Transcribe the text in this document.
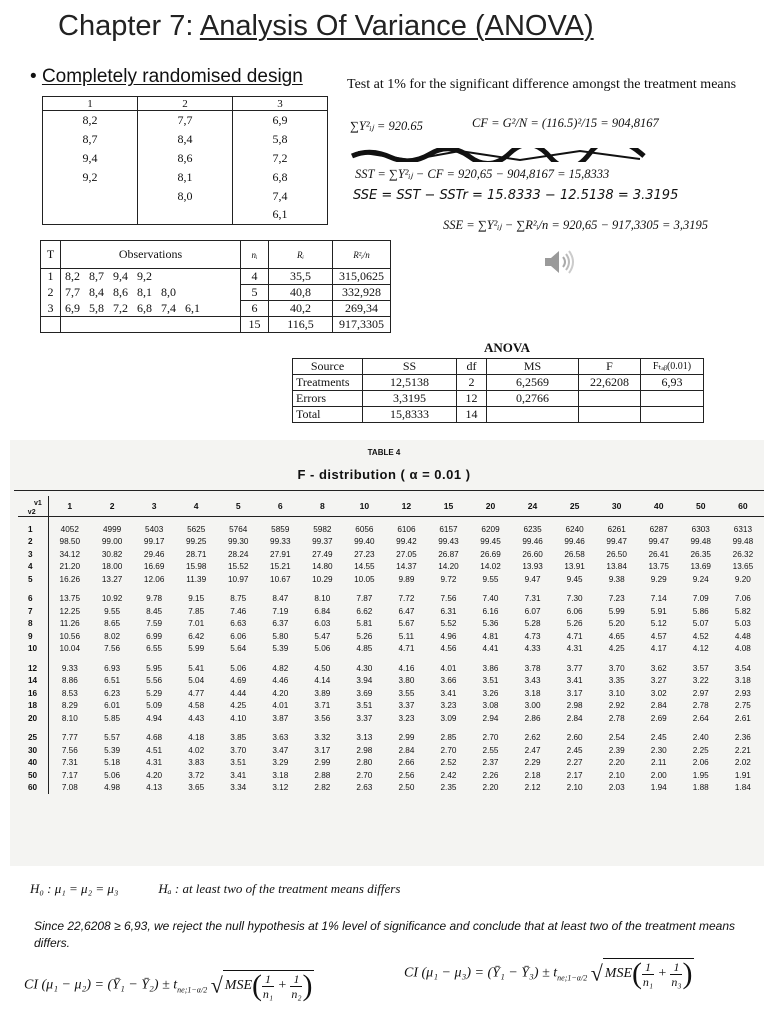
Chapter 7: Analysis Of Variance (ANOVA)
• Completely randomised design	Test at 1% for the significant difference amongst the treatment means
1	2	3
8,2	7,7	6,9
8,7	8,4	5,8
9,4	8,6	7,2
9,2	8,1	6,8
	8,0	7,4
		6,1
∑Y²ᵢⱼ = 920.65	CF = G²/N = (116.5)²/15 = 904,8167
SST = ∑Y²ᵢⱼ − CF = 920,65 − 904,8167 = 15,8333
SSE = SST − SSTr = 15.8333 − 12.5138 = 3.3195
SSE = ∑Y²ᵢⱼ − ∑R²ᵢ/n = 920,65 − 917,3305 = 3,3195
T	Observations	nᵢ	Rᵢ	R²ᵢ/n
1	8,2 8,7 9,4 9,2	4	35,5	315,0625
2	7,7 8,4 8,6 8,1 8,0	5	40,8	332,928
3	6,9 5,8 7,2 6,8 7,4 6,1	6	40,2	269,34
		15	116,5	917,3305
ANOVA
Source	SS	df	MS	F	Fₜₐᵦ(0.01)
Treatments	12,5138	2	6,2569	22,6208	6,93
Errors	3,3195	12	0,2766		
Total	15,8333	14			
TABLE 4
F - distribution ( α = 0.01 )
$^{v1}_{v2}$	1	2	3	4	5	6	8	10	12	15	20	24	25	30	40	50	60

1	4052	4999	5403	5625	5764	5859	5982	6056	6106	6157	6209	6235	6240	6261	6287	6303	6313
2	98.50	99.00	99.17	99.25	99.30	99.33	99.37	99.40	99.42	99.43	99.45	99.46	99.46	99.47	99.47	99.48	99.48
3	34.12	30.82	29.46	28.71	28.24	27.91	27.49	27.23	27.05	26.87	26.69	26.60	26.58	26.50	26.41	26.35	26.32
4	21.20	18.00	16.69	15.98	15.52	15.21	14.80	14.55	14.37	14.20	14.02	13.93	13.91	13.84	13.75	13.69	13.65
5	16.26	13.27	12.06	11.39	10.97	10.67	10.29	10.05	9.89	9.72	9.55	9.47	9.45	9.38	9.29	9.24	9.20

6	13.75	10.92	9.78	9.15	8.75	8.47	8.10	7.87	7.72	7.56	7.40	7.31	7.30	7.23	7.14	7.09	7.06
7	12.25	9.55	8.45	7.85	7.46	7.19	6.84	6.62	6.47	6.31	6.16	6.07	6.06	5.99	5.91	5.86	5.82
8	11.26	8.65	7.59	7.01	6.63	6.37	6.03	5.81	5.67	5.52	5.36	5.28	5.26	5.20	5.12	5.07	5.03
9	10.56	8.02	6.99	6.42	6.06	5.80	5.47	5.26	5.11	4.96	4.81	4.73	4.71	4.65	4.57	4.52	4.48
10	10.04	7.56	6.55	5.99	5.64	5.39	5.06	4.85	4.71	4.56	4.41	4.33	4.31	4.25	4.17	4.12	4.08

12	9.33	6.93	5.95	5.41	5.06	4.82	4.50	4.30	4.16	4.01	3.86	3.78	3.77	3.70	3.62	3.57	3.54
14	8.86	6.51	5.56	5.04	4.69	4.46	4.14	3.94	3.80	3.66	3.51	3.43	3.41	3.35	3.27	3.22	3.18
16	8.53	6.23	5.29	4.77	4.44	4.20	3.89	3.69	3.55	3.41	3.26	3.18	3.17	3.10	3.02	2.97	2.93
18	8.29	6.01	5.09	4.58	4.25	4.01	3.71	3.51	3.37	3.23	3.08	3.00	2.98	2.92	2.84	2.78	2.75
20	8.10	5.85	4.94	4.43	4.10	3.87	3.56	3.37	3.23	3.09	2.94	2.86	2.84	2.78	2.69	2.64	2.61

25	7.77	5.57	4.68	4.18	3.85	3.63	3.32	3.13	2.99	2.85	2.70	2.62	2.60	2.54	2.45	2.40	2.36
30	7.56	5.39	4.51	4.02	3.70	3.47	3.17	2.98	2.84	2.70	2.55	2.47	2.45	2.39	2.30	2.25	2.21
40	7.31	5.18	4.31	3.83	3.51	3.29	2.99	2.80	2.66	2.52	2.37	2.29	2.27	2.20	2.11	2.06	2.02
50	7.17	5.06	4.20	3.72	3.41	3.18	2.88	2.70	2.56	2.42	2.26	2.18	2.17	2.10	2.00	1.95	1.91
60	7.08	4.98	4.13	3.65	3.34	3.12	2.82	2.63	2.50	2.35	2.20	2.12	2.10	2.03	1.94	1.88	1.84
H₀ : μ₁ = μ₂ = μ₃	Hₐ : at least two of the treatment means differs
Since 22,6208 ≥ 6,93, we reject the null hypothesis at 1% level of significance and conclude that at least two of the treatment means differs.
CI (μ₁ − μ₂) = (Ȳ₁ − Ȳ₂) ± $t_{ne;1-\alpha/2}$ √ $MSE( \frac{1}{\text{n₁}} + \frac{1}{\text{n₂}}$ )	CI (μ₁ − μ₃) = (Ȳ₁ − Ȳ₃) ± $t_{ne;1-\alpha/2}$ √ $MSE( \frac{1}{\text{n₁}} + \frac{1}{\text{n₃}}$ )
